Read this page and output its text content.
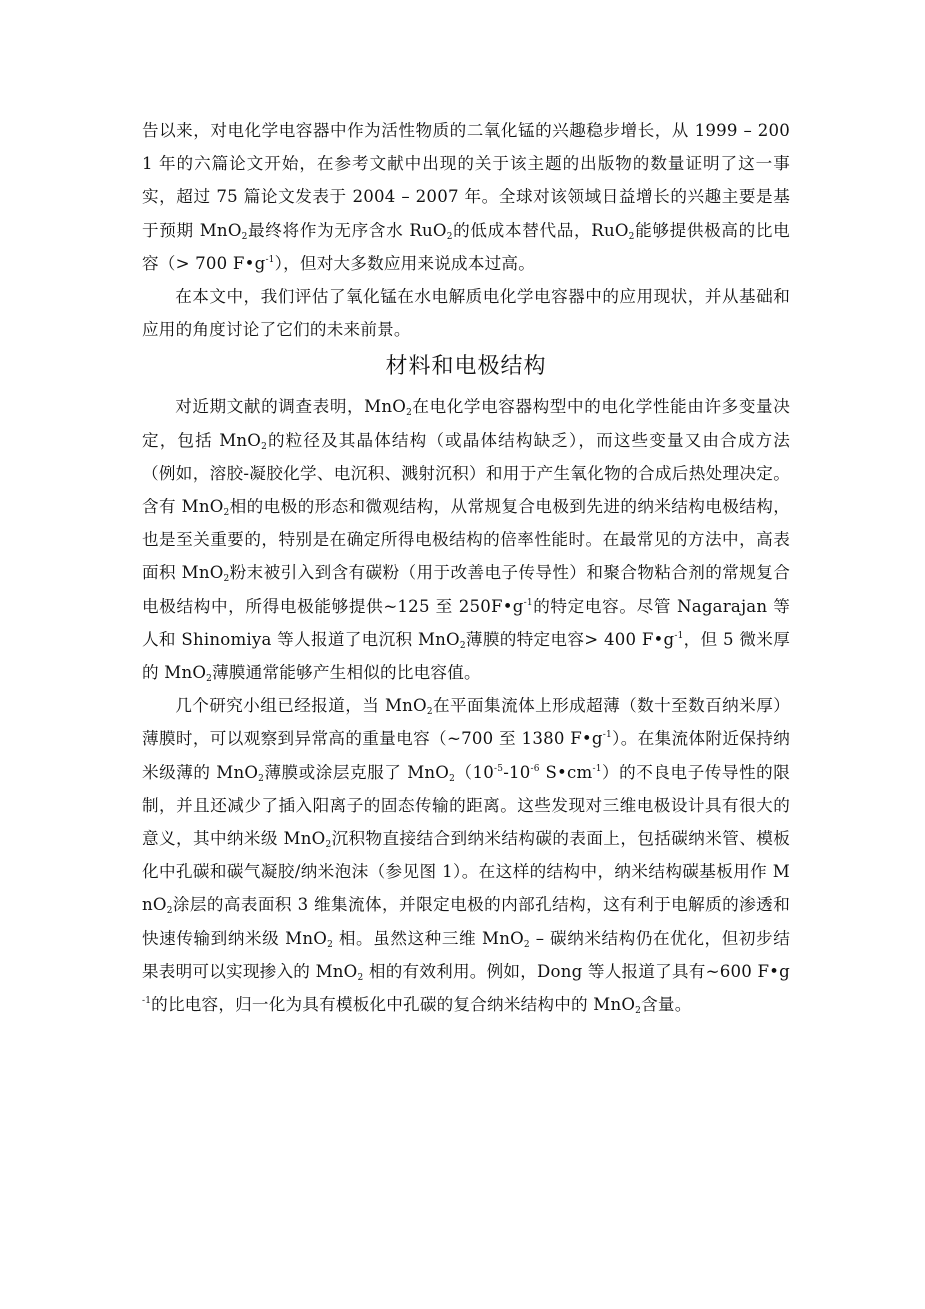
告以来，对电化学电容器中作为活性物质的二氧化锰的兴趣稳步增长，从 1999 – 2001 年的六篇论文开始，在参考文献中出现的关于该主题的出版物的数量证明了这一事实，超过 75 篇论文发表于 2004 – 2007 年。全球对该领域日益增长的兴趣主要是基于预期 MnO$_2$最终将作为无序含水 RuO$_2$的低成本替代品，RuO$_2$能够提供极高的比电容（> 700 $F•g^{-1}$），但对大多数应用来说成本过高。

在本文中，我们评估了氧化锰在水电解质电化学电容器中的应用现状，并从基础和应用的角度讨论了它们的未来前景。

材料和电极结构

对近期文献的调查表明，MnO$_2$在电化学电容器构型中的电化学性能由许多变量决定，包括 MnO$_2$的粒径及其晶体结构（或晶体结构缺乏），而这些变量又由合成方法（例如，溶胶-凝胶化学、电沉积、溅射沉积）和用于产生氧化物的合成后热处理决定。含有 MnO$_2$相的电极的形态和微观结构，从常规复合电极到先进的纳米结构电极结构，也是至关重要的，特别是在确定所得电极结构的倍率性能时。在最常见的方法中，高表面积 MnO$_2$粉末被引入到含有碳粉（用于改善电子传导性）和聚合物粘合剂的常规复合电极结构中，所得电极能够提供~125 至 $250F•g^{-1}$的特定电容。尽管 Nagarajan 等人和 Shinomiya 等人报道了电沉积 MnO$_2$薄膜的特定电容> 400 $F•g^{-1}$，但 5 微米厚的 MnO$_2$薄膜通常能够产生相似的比电容值。

几个研究小组已经报道，当 MnO$_2$在平面集流体上形成超薄（数十至数百纳米厚）薄膜时，可以观察到异常高的重量电容（~700 至 1380 $F•g^{-1}$）。在集流体附近保持纳米级薄的 MnO$_2$薄膜或涂层克服了 $MnO_2(10^{-5}-10^{-6}$ $S•cm^{-1}$）的不良电子传导性的限制，并且还减少了插入阳离子的固态传输的距离。这些发现对三维电极设计具有很大的意义，其中纳米级 MnO$_2$沉积物直接结合到纳米结构碳的表面上，包括碳纳米管、模板化中孔碳和碳气凝胶/纳米泡沫（参见图 1）。在这样的结构中，纳米结构碳基板用作 MnO$_2$涂层的高表面积 3 维集流体，并限定电极的内部孔结构，这有利于电解质的渗透和快速传输到纳米级 MnO$_2$ 相。虽然这种三维 MnO$_2$ – 碳纳米结构仍在优化，但初步结果表明可以实现掺入的 MnO$_2$ 相的有效利用。例如，Dong 等人报道了具有~600 $F•g^{-1}$的比电容，归一化为具有模板化中孔碳的复合纳米结构中的 MnO$_2$含量。
